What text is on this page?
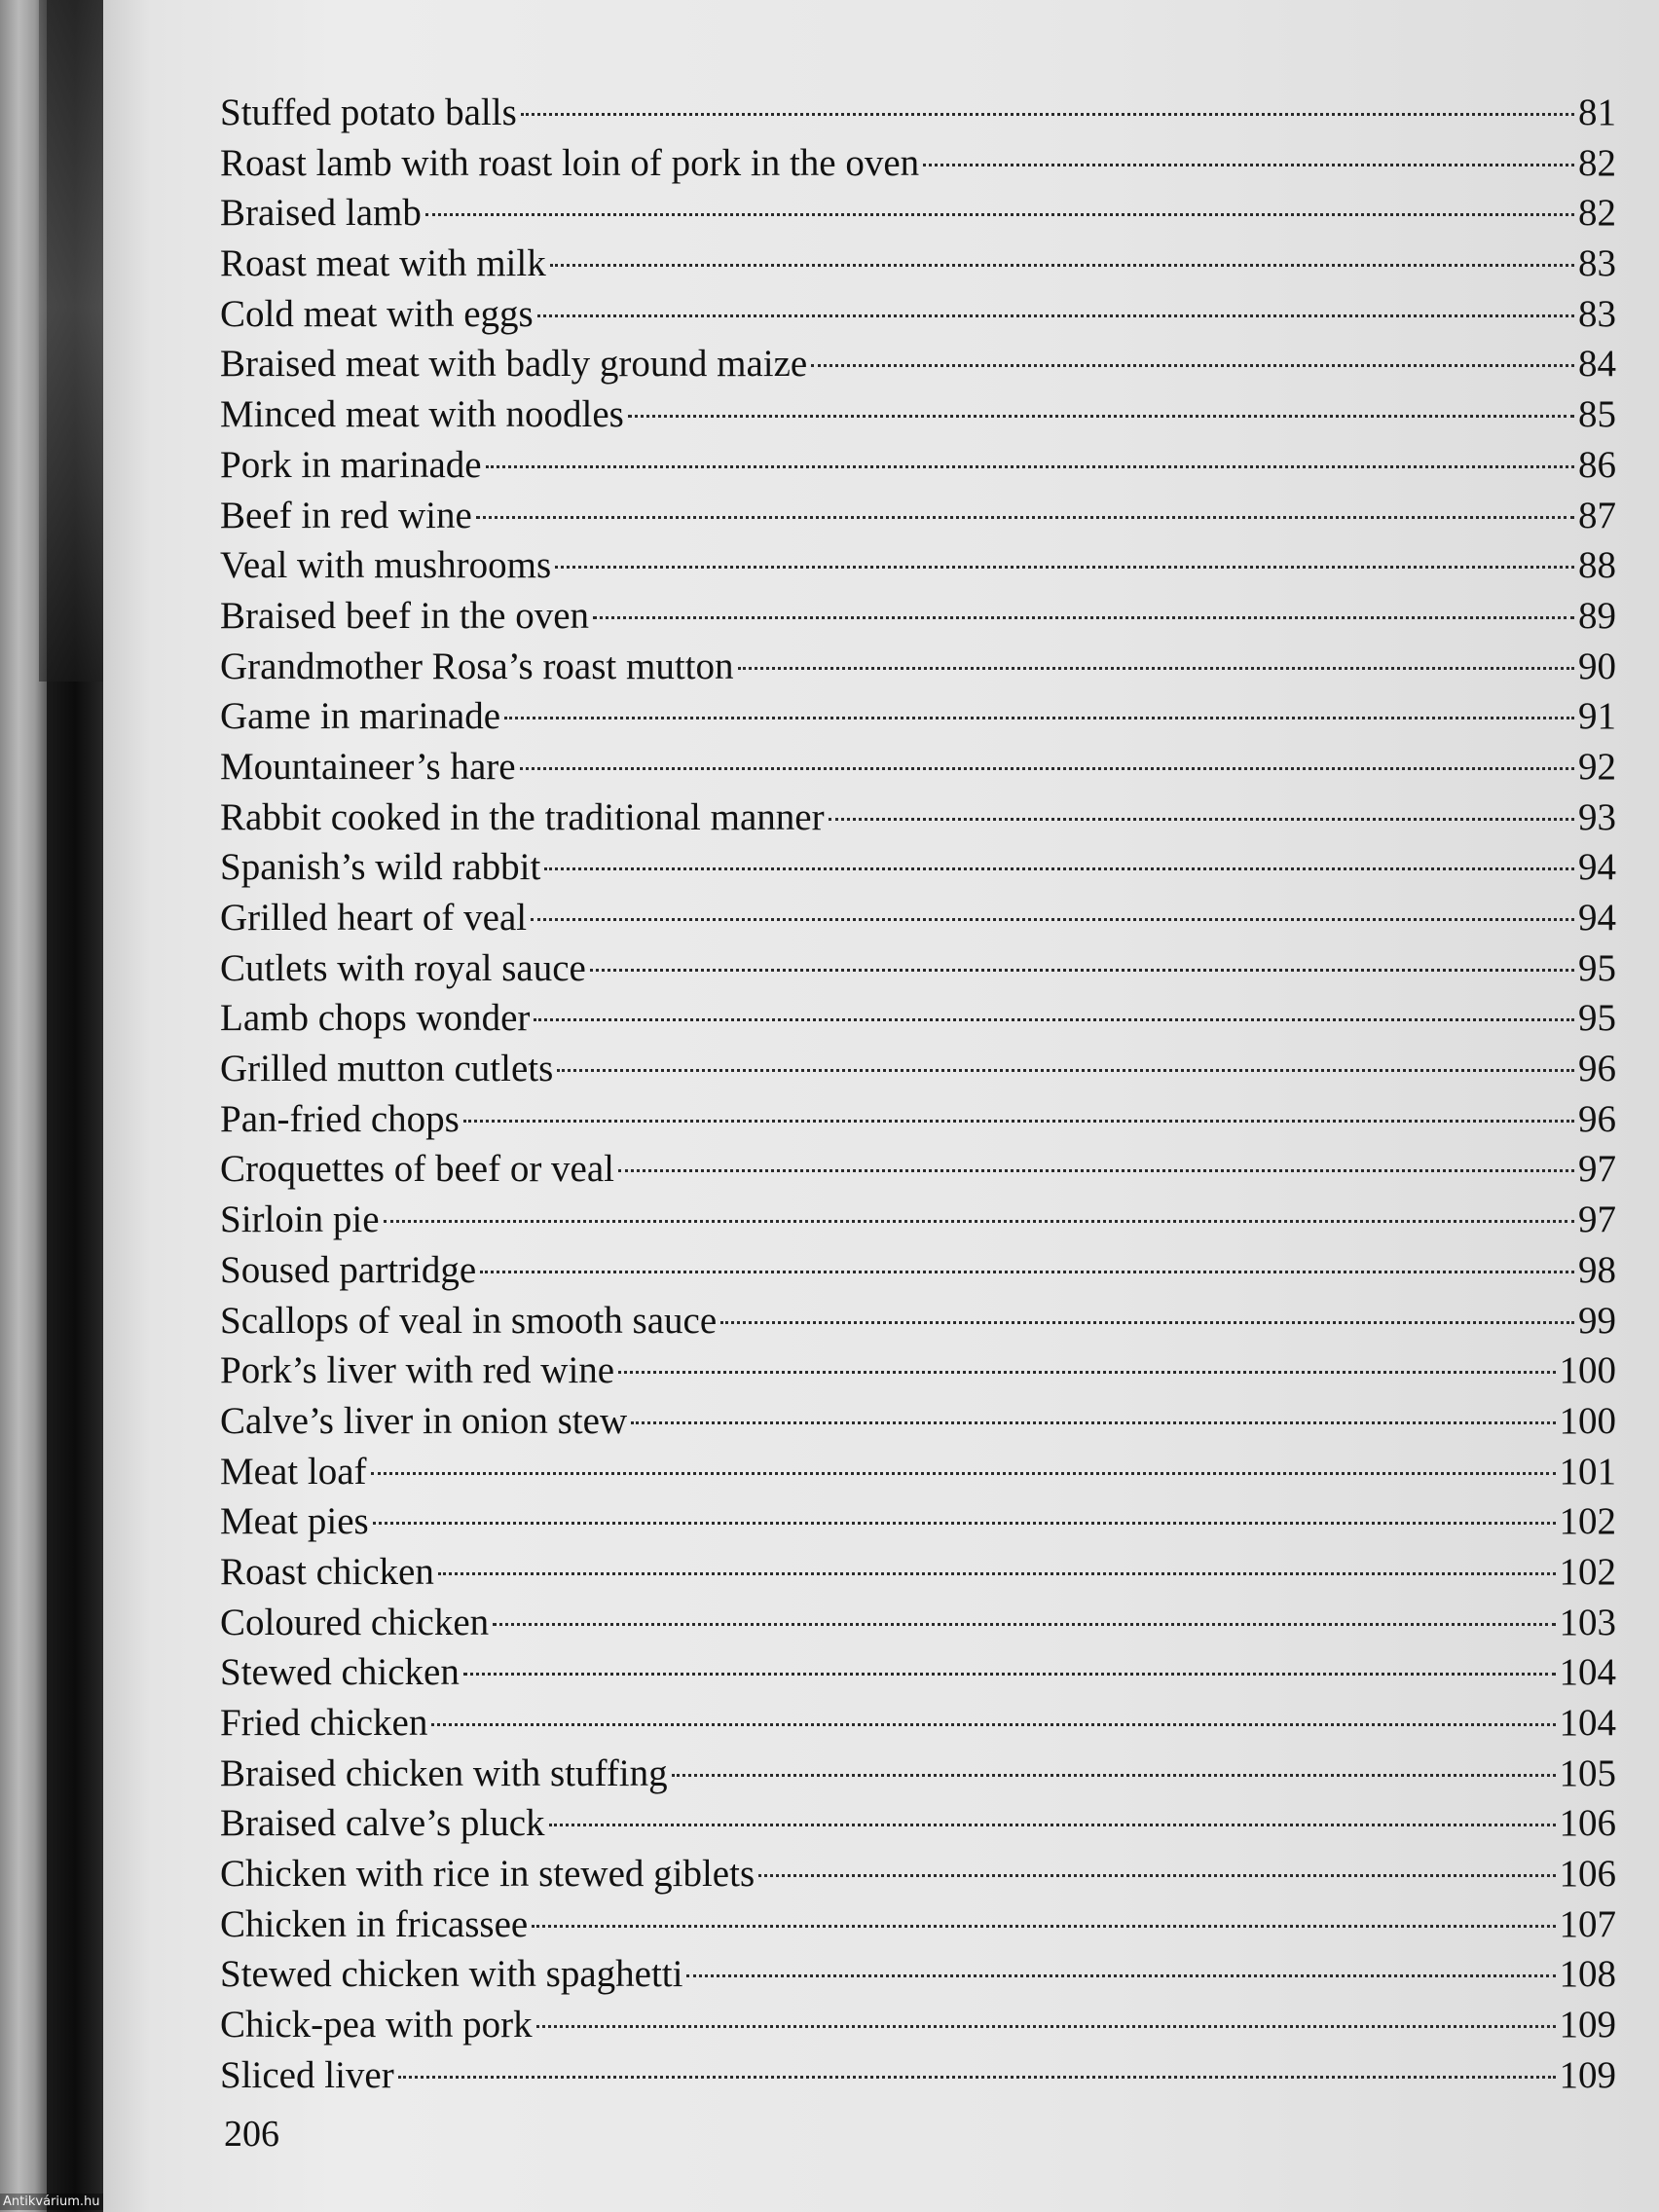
Stuffed potato balls	81
Roast lamb with roast loin of pork in the oven	82
Braised lamb	82
Roast meat with milk	83
Cold meat with eggs	83
Braised meat with badly ground maize	84
Minced meat with noodles	85
Pork in marinade	86
Beef in red wine	87
Veal with mushrooms	88
Braised beef in the oven	89
Grandmother Rosa’s roast mutton	90
Game in marinade	91
Mountaineer’s hare	92
Rabbit cooked in the traditional manner	93
Spanish’s wild rabbit	94
Grilled heart of veal	94
Cutlets with royal sauce	95
Lamb chops wonder	95
Grilled mutton cutlets	96
Pan-fried chops	96
Croquettes of beef or veal	97
Sirloin pie	97
Soused partridge	98
Scallops of veal in smooth sauce	99
Pork’s liver with red wine	100
Calve’s liver in onion stew	100
Meat loaf	101
Meat pies	102
Roast chicken	102
Coloured chicken	103
Stewed chicken	104
Fried chicken	104
Braised chicken with stuffing	105
Braised calve’s pluck	106
Chicken with rice in stewed giblets	106
Chicken in fricassee	107
Stewed chicken with spaghetti	108
Chick-pea with pork	109
Sliced liver	109
206
Antikvárium.hu
